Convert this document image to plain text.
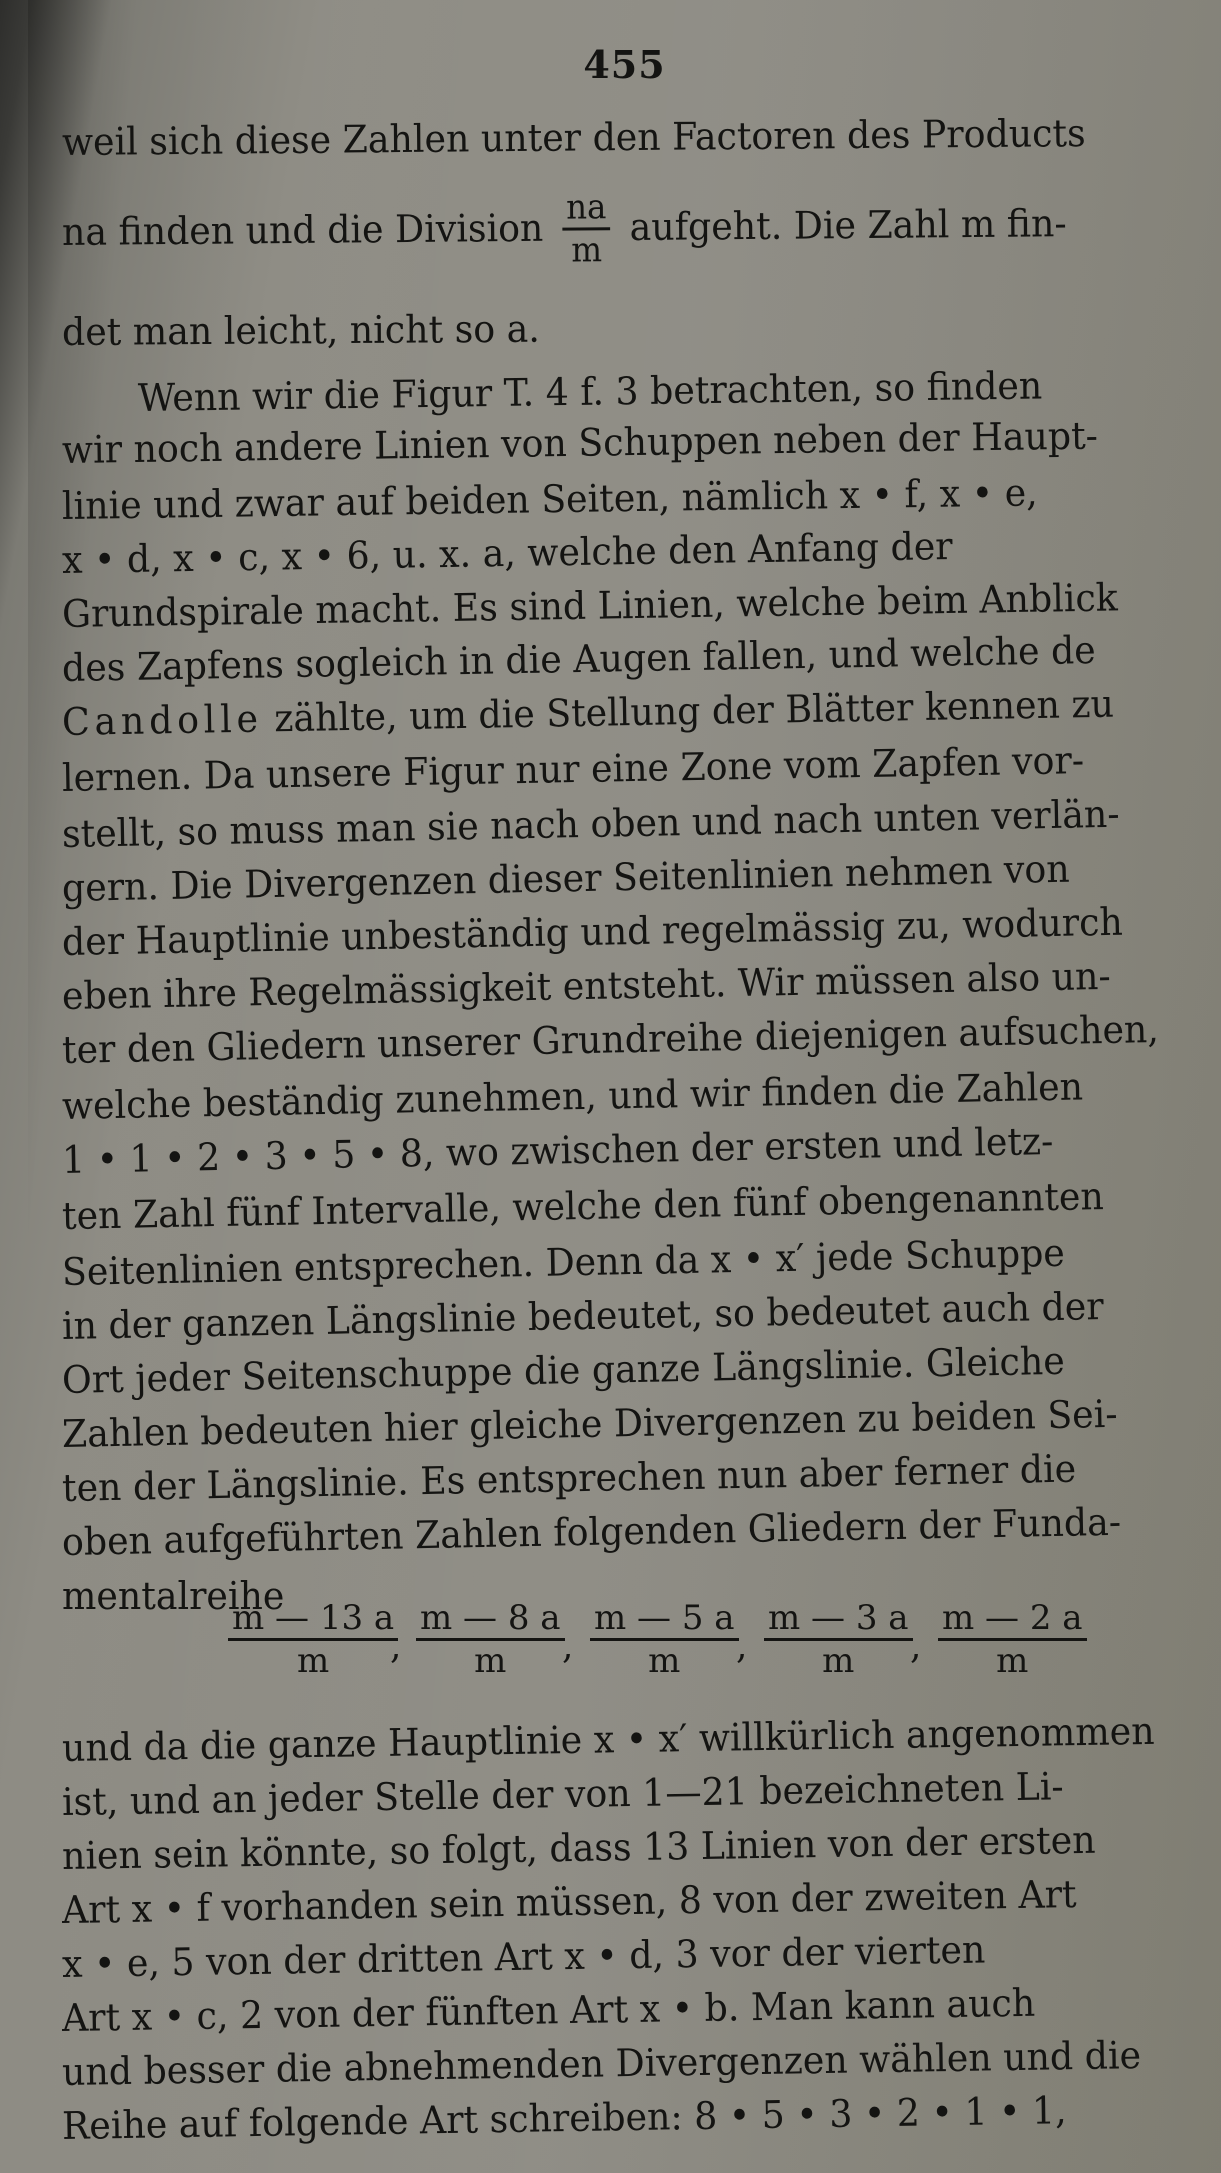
455
weil sich diese Zahlen unter den Factoren des Products
na finden und die Division $\frac{na}{m}$ aufgeht. Die Zahl m fin-
det man leicht, nicht so a.
Wenn wir die Figur T. 4 f. 3 betrachten, so finden
wir noch andere Linien von Schuppen neben der Haupt-
linie und zwar auf beiden Seiten, nämlich x • f, x • e,
x • d, x • c, x • 6, u. x. a, welche den Anfang der
Grundspirale macht. Es sind Linien, welche beim Anblick
des Zapfens sogleich in die Augen fallen, und welche de
Candolle zählte, um die Stellung der Blätter kennen zu
lernen. Da unsere Figur nur eine Zone vom Zapfen vor-
stellt, so muss man sie nach oben und nach unten verlän-
gern. Die Divergenzen dieser Seitenlinien nehmen von
der Hauptlinie unbeständig und regelmässig zu, wodurch
eben ihre Regelmässigkeit entsteht. Wir müssen also un-
ter den Gliedern unserer Grundreihe diejenigen aufsuchen,
welche beständig zunehmen, und wir finden die Zahlen
1 • 1 • 2 • 3 • 5 • 8, wo zwischen der ersten und letz-
ten Zahl fünf Intervalle, welche den fünf obengenannten
Seitenlinien entsprechen. Denn da x • x′ jede Schuppe
in der ganzen Längslinie bedeutet, so bedeutet auch der
Ort jeder Seitenschuppe die ganze Längslinie. Gleiche
Zahlen bedeuten hier gleiche Divergenzen zu beiden Sei-
ten der Längslinie. Es entsprechen nun aber ferner die
oben aufgeführten Zahlen folgenden Gliedern der Funda-
mentalreihe
$\frac{m — 13 a}{m}$
, $\frac{m — 8 a}{m}$
, $\frac{m — 5 a}{m}$
, $\frac{m — 3 a}{m}$
, $\frac{m — 2 a}{m}$
und da die ganze Hauptlinie x • x′ willkürlich angenommen
ist, und an jeder Stelle der von 1—21 bezeichneten Li-
nien sein könnte, so folgt, dass 13 Linien von der ersten
Art x • f vorhanden sein müssen, 8 von der zweiten Art
x • e, 5 von der dritten Art x • d, 3 vor der vierten
Art x • c, 2 von der fünften Art x • b. Man kann auch
und besser die abnehmenden Divergenzen wählen und die
Reihe auf folgende Art schreiben: 8 • 5 • 3 • 2 • 1 • 1,
